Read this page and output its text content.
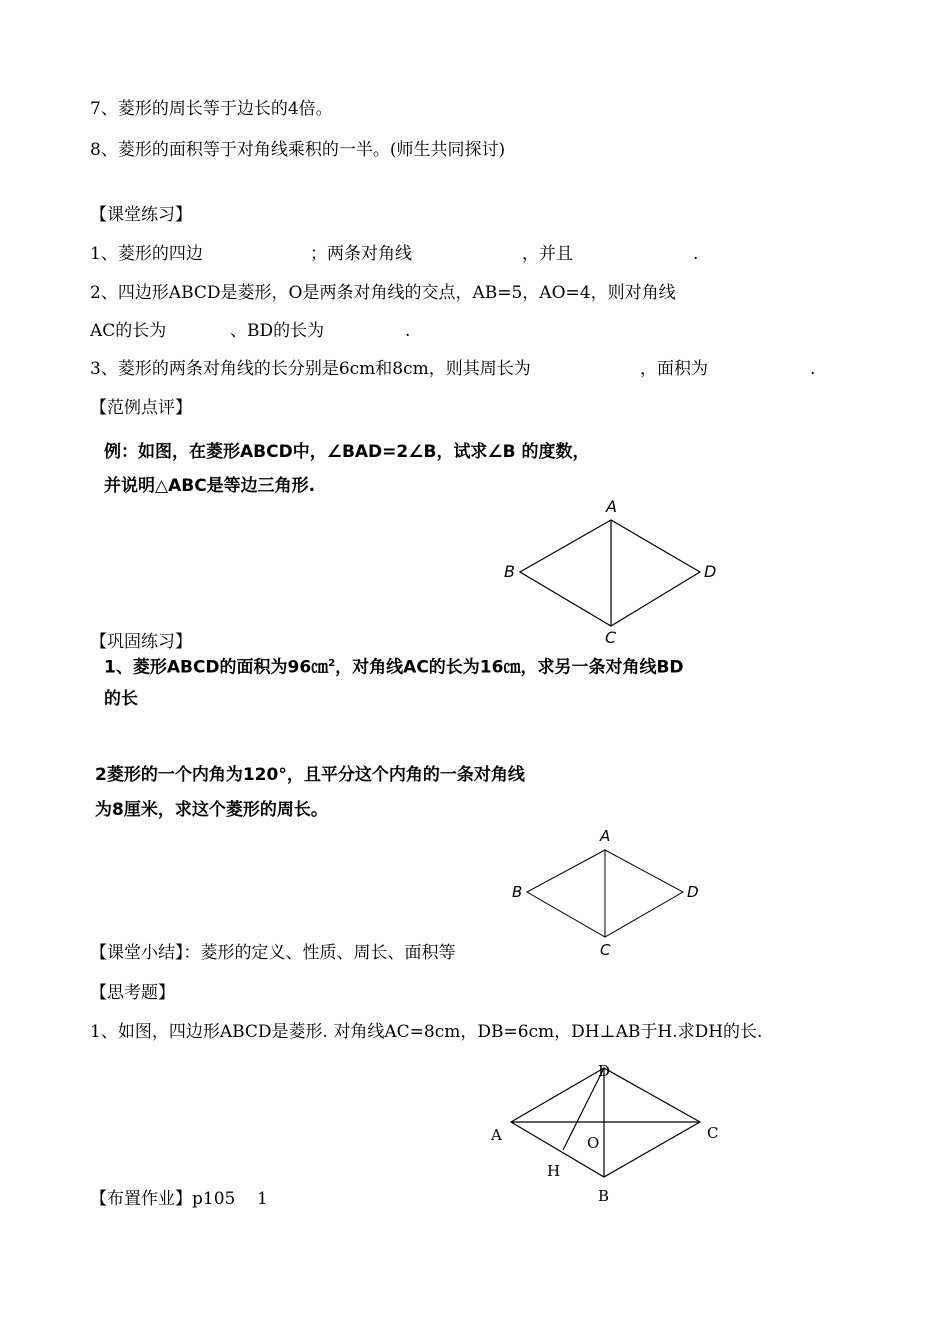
7、菱形的周长等于边长的4倍。
8、菱形的面积等于对角线乘积的一半。(师生共同探讨)
【课堂练习】
1、菱形的四边	；两条对角线	，并且	.
2、四边形ABCD是菱形，O是两条对角线的交点，AB=5，AO=4，则对角线
AC的长为	、BD的长为	.
3、菱形的两条对角线的长分别是6cm和8cm，则其周长为	，面积为	.
【范例点评】
例：如图，在菱形ABCD中，∠BAD=2∠B，试求∠B 的度数，
并说明△ABC是等边三角形.
A
B
C
D
【巩固练习】
1、菱形ABCD的面积为96㎝$^2$，对角线AC的长为16㎝，求另一条对角线BD
的长
2菱形的一个内角为120°，且平分这个内角的一条对角线
为8厘米，求这个菱形的周长。
A
B
C
D
【课堂小结】：菱形的定义、性质、周长、面积等
【思考题】
1、如图，四边形ABCD是菱形. 对角线AC=8cm，DB=6cm，DH⊥AB于H.求DH的长.
D
A	C
O
H
B
【布置作业】p105    1
